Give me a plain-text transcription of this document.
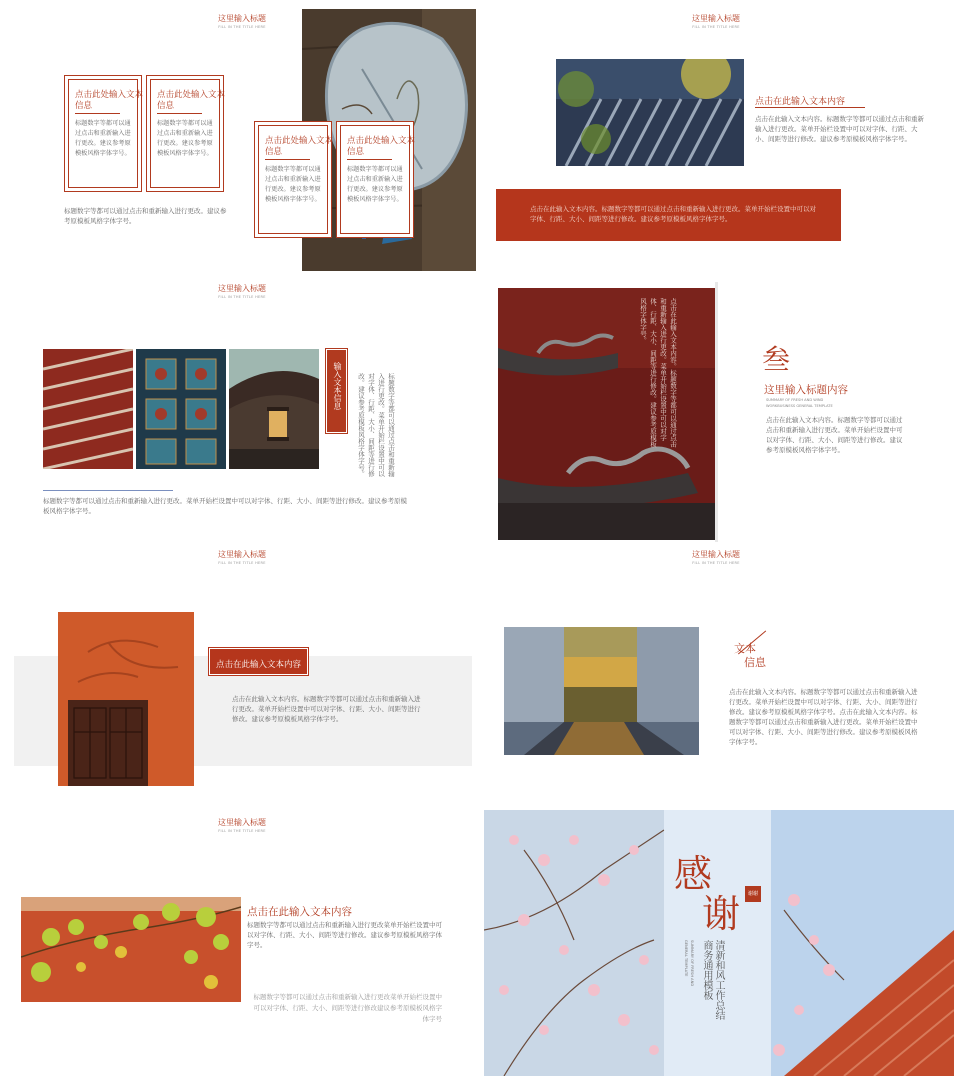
这里输入标题
FILL IN THE TITLE HERE
点击此处输入文本信息
标题数字等都可以通过点击和重新输入进行更改。建议参考原模板风格字体字号。
点击此处输入文本信息
标题数字等都可以通过点击和重新输入进行更改。建议参考原模板风格字体字号。
点击此处输入文本信息
标题数字等都可以通过点击和重新输入进行更改。建议参考原模板风格字体字号。
点击此处输入文本信息
标题数字等都可以通过点击和重新输入进行更改。建议参考原模板风格字体字号。
标题数字等都可以通过点击和重新输入进行更改。建议参考原模板风格字体字号。
这里输入标题
FILL IN THE TITLE HERE
点击在此输入文本内容
点击在此输入文本内容。标题数字等都可以通过点击和重新输入进行更改。菜单开始栏设置中可以对字体、行距、大小、间距等进行修改。建议参考原模板风格字体字号。
点击在此输入文本内容。标题数字等都可以通过点击和重新输入进行更改。菜单开始栏设置中可以对字体、行距、大小、间距等进行修改。建议参考原模板风格字体字号。
这里输入标题
FILL IN THE TITLE HERE
输入文本信息	标题数字等都可以通过点击和重新输入进行更改。菜单开始栏设置中可以对字体、行距、大小、间距等进行修改。建议参考原模板风格字体字号。
标题数字等都可以通过点击和重新输入进行更改。菜单开始栏设置中可以对字体、行距、大小、间距等进行修改。建议参考原模板风格字体字号。
点击在此输入文本内容。标题数字等都可以通过点击和重新输入进行更改。菜单开始栏设置中可以对字体、行距、大小、间距等进行修改。建议参考原模板风格字体字号。
叁
这里输入标题内容
SUMMARY OF FRESH AND WIND
WORKBUSINESS GENERAL TEMPLATE
点击在此输入文本内容。标题数字等都可以通过点击和重新输入进行更改。菜单开始栏设置中可以对字体、行距、大小、间距等进行修改。建议参考原模板风格字体字号。
这里输入标题
FILL IN THE TITLE HERE
点击在此输入文本内容
点击在此输入文本内容。标题数字等都可以通过点击和重新输入进行更改。菜单开始栏设置中可以对字体、行距、大小、间距等进行修改。建议参考原模板风格字体字号。
这里输入标题
FILL IN THE TITLE HERE
文本
信息
点击在此输入文本内容。标题数字等都可以通过点击和重新输入进行更改。菜单开始栏设置中可以对字体、行距、大小、间距等进行修改。建议参考原模板风格字体字号。点击在此输入文本内容。标题数字等都可以通过点击和重新输入进行更改。菜单开始栏设置中可以对字体、行距、大小、间距等进行修改。建议参考原模板风格字体字号。
这里输入标题
FILL IN THE TITLE HERE
点击在此输入文本内容
标题数字等都可以通过点击和重新输入进行更改菜单开始栏设置中可以对字体、行距、大小、间距等进行修改。建议参考原模板风格字体字号。
标题数字等都可以通过点击和重新输入进行更改菜单开始栏设置中可以对字体、行距、大小、间距等进行修改建议参考原模板风格字体字号
感
谢	谢谢
清新和风工作总结
商务通用模板
SUMMARY OF FRESH AND
GENERAL TEMPLATE
